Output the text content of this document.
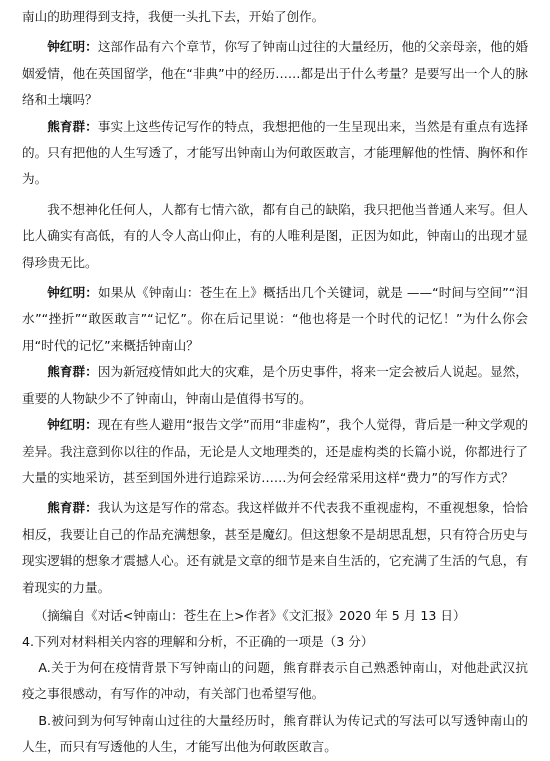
南山的助理得到支持，我便一头扎下去，开始了创作。

钟红明：这部作品有六个章节，你写了钟南山过往的大量经历，他的父亲母亲，他的婚姻爱情，他在英国留学，他在“非典”中的经历……都是出于什么考量？是要写出一个人的脉络和土壤吗？

熊育群：事实上这些传记写作的特点，我想把他的一生呈现出来，当然是有重点有选择的。只有把他的人生写透了，才能写出钟南山为何敢医敢言，才能理解他的性情、胸怀和作为。

我不想神化任何人，人都有七情六欲，都有自己的缺陷，我只把他当普通人来写。但人比人确实有高低，有的人令人高山仰止，有的人唯利是图，正因为如此，钟南山的出现才显得珍贵无比。

钟红明：如果从《钟南山：苍生在上》概括出几个关键词，就是 ——“时间与空间”“泪水”“挫折”“敢医敢言”“记忆”。你在后记里说：“他也将是一个时代的记忆！”为什么你会用“时代的记忆”来概括钟南山？

熊育群：因为新冠疫情如此大的灾难，是个历史事件，将来一定会被后人说起。显然，重要的人物缺少不了钟南山，钟南山是值得书写的。

钟红明：现在有些人避用“报告文学”而用“非虚构”，我个人觉得，背后是一种文学观的差异。我注意到你以往的作品，无论是人文地理类的，还是虚构类的长篇小说，你都进行了大量的实地采访，甚至到国外进行追踪采访……为何会经常采用这样“费力”的写作方式？

熊育群：我认为这是写作的常态。我这样做并不代表我不重视虚构，不重视想象，恰恰相反，我要让自己的作品充满想象，甚至是魔幻。但这想象不是胡思乱想，只有符合历史与现实逻辑的想象才震撼人心。还有就是文章的细节是来自生活的，它充满了生活的气息，有着现实的力量。

（摘编自《对话<钟南山：苍生在上>作者》《文汇报》2020 年 5 月 13 日）

4.下列对材料相关内容的理解和分析，不正确的一项是（3 分）

A.关于为何在疫情背景下写钟南山的问题，熊育群表示自己熟悉钟南山，对他赴武汉抗疫之事很感动，有写作的冲动，有关部门也希望写他。

B.被问到为何写钟南山过往的大量经历时，熊育群认为传记式的写法可以写透钟南山的人生，而只有写透他的人生，才能写出他为何敢医敢言。
